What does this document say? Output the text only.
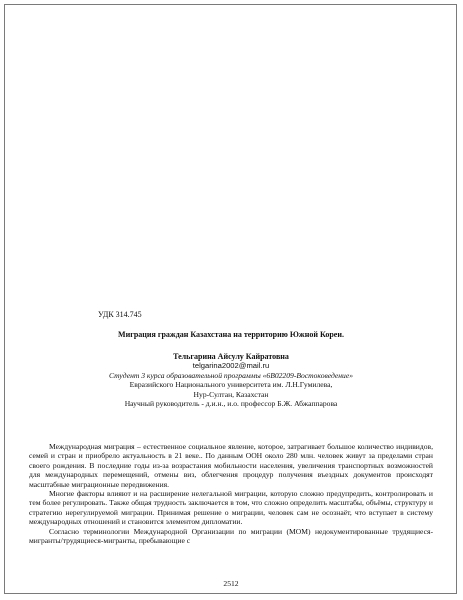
УДК 314.745
Миграция граждан Казахстана на территорию Южной Кореи.
Тельгарина Айсулу Кайратовна
telgarina2002@mail.ru
Студент 3 курса образовательной программы «6В02209-Востоковедение»
Евразийского Национального университета им. Л.Н.Гумилева,
Нур-Султан, Казахстан
Научный руководитель - д.и.н., и.о. профессор Б.Ж. Абжаппарова

Международная миграция – естественное социальное явление, которое, затрагивает большое количество индивидов, семей и стран и приобрело актуальность в 21 веке.. По данным ООН около 280 млн. человек живут за пределами стран своего рождения. В последние годы из-за возрастания мобильности населения, увеличения транспортных возможностей для международных перемещений, отмены виз, облегчения процедур получения въездных документов происходят масштабные миграционные передвижения.

Многие факторы влияют и на расширение нелегальной миграции, которую сложно предупредить, контролировать и тем более регулировать. Также общая трудность заключается в том, что сложно определить масштабы, объёмы, структуру и стратегию нерегулируемой миграции. Принимая решение о миграции, человек сам не осознаёт, что вступает в систему международных отношений и становится элементом дипломатии.

Согласно терминологии Международной Организации по миграции (МОМ) недокументированные трудящиеся-мигранты/трудящиеся-мигранты, пребывающие с

2512
